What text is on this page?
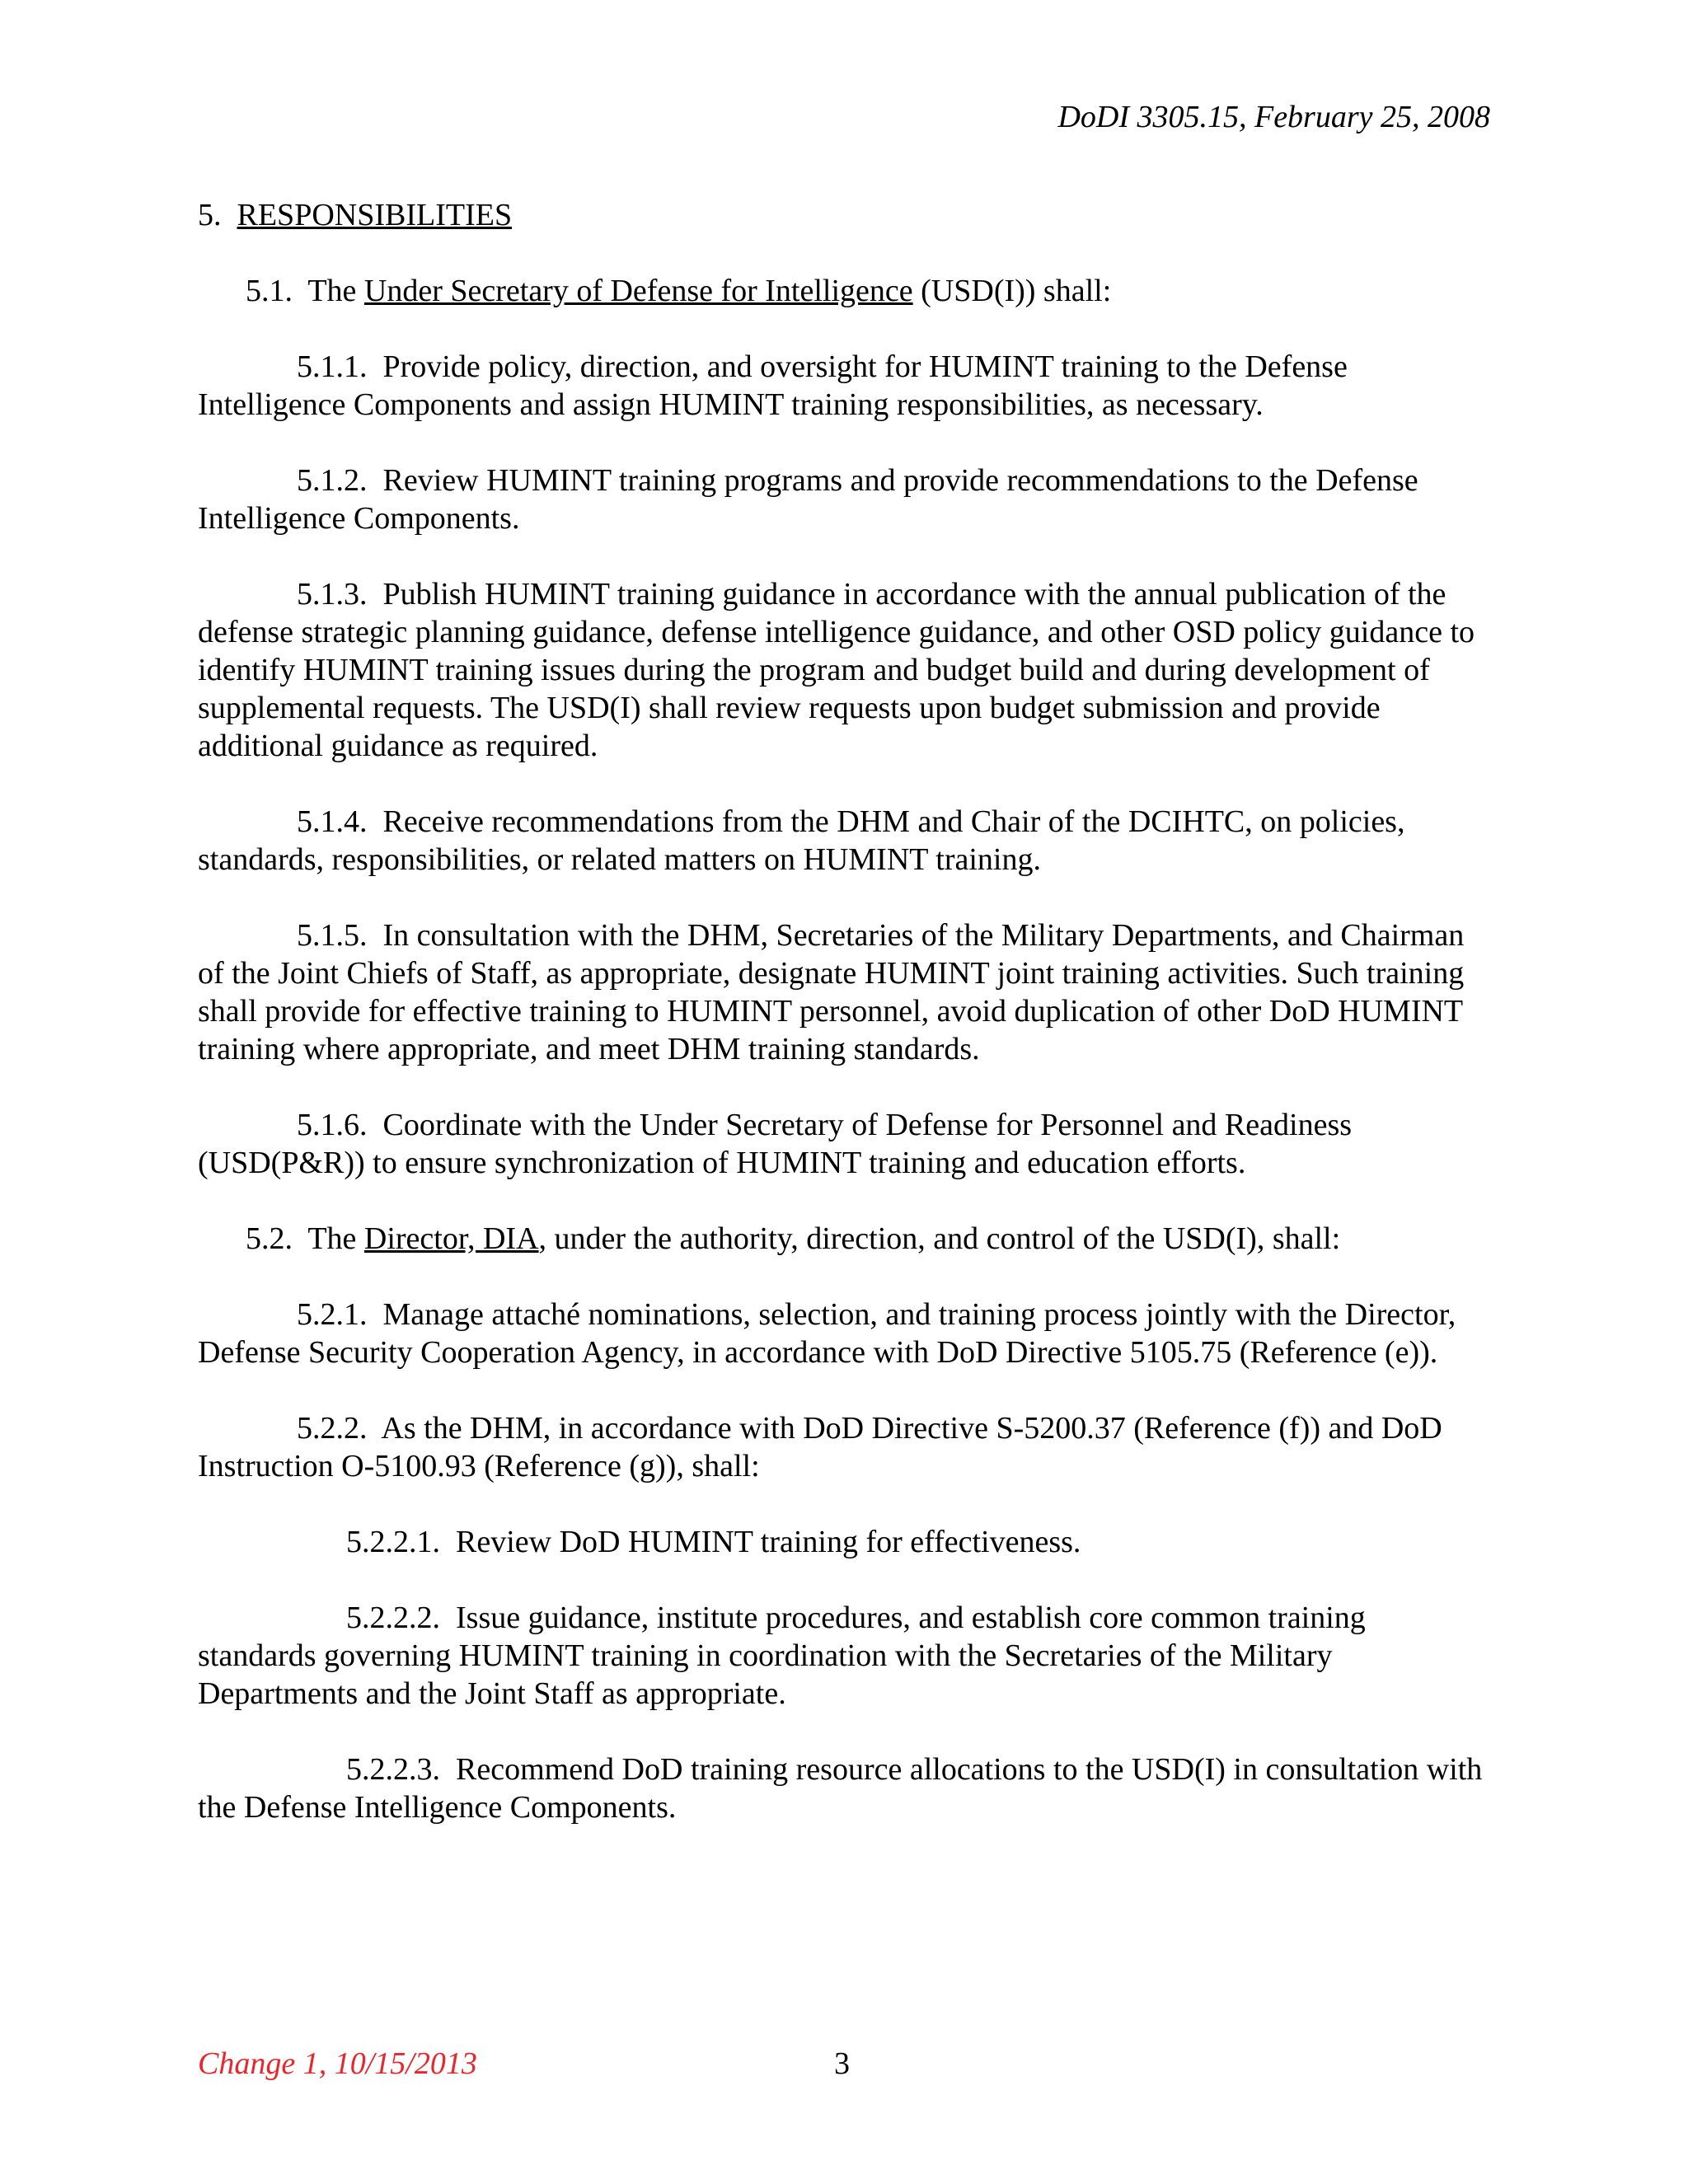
DoDI 3305.15, February 25, 2008

5. RESPONSIBILITIES

5.1. The Under Secretary of Defense for Intelligence (USD(I)) shall:

5.1.1. Provide policy, direction, and oversight for HUMINT training to the Defense Intelligence Components and assign HUMINT training responsibilities, as necessary.

5.1.2. Review HUMINT training programs and provide recommendations to the Defense Intelligence Components.

5.1.3. Publish HUMINT training guidance in accordance with the annual publication of the defense strategic planning guidance, defense intelligence guidance, and other OSD policy guidance to identify HUMINT training issues during the program and budget build and during development of supplemental requests. The USD(I) shall review requests upon budget submission and provide additional guidance as required.

5.1.4. Receive recommendations from the DHM and Chair of the DCIHTC, on policies, standards, responsibilities, or related matters on HUMINT training.

5.1.5. In consultation with the DHM, Secretaries of the Military Departments, and Chairman of the Joint Chiefs of Staff, as appropriate, designate HUMINT joint training activities. Such training shall provide for effective training to HUMINT personnel, avoid duplication of other DoD HUMINT training where appropriate, and meet DHM training standards.

5.1.6. Coordinate with the Under Secretary of Defense for Personnel and Readiness (USD(P&R)) to ensure synchronization of HUMINT training and education efforts.

5.2. The Director, DIA, under the authority, direction, and control of the USD(I), shall:

5.2.1. Manage attaché nominations, selection, and training process jointly with the Director, Defense Security Cooperation Agency, in accordance with DoD Directive 5105.75 (Reference (e)).

5.2.2. As the DHM, in accordance with DoD Directive S-5200.37 (Reference (f)) and DoD Instruction O-5100.93 (Reference (g)), shall:

5.2.2.1. Review DoD HUMINT training for effectiveness.

5.2.2.2. Issue guidance, institute procedures, and establish core common training standards governing HUMINT training in coordination with the Secretaries of the Military Departments and the Joint Staff as appropriate.

5.2.2.3. Recommend DoD training resource allocations to the USD(I) in consultation with the Defense Intelligence Components.

Change 1, 10/15/2013	3
